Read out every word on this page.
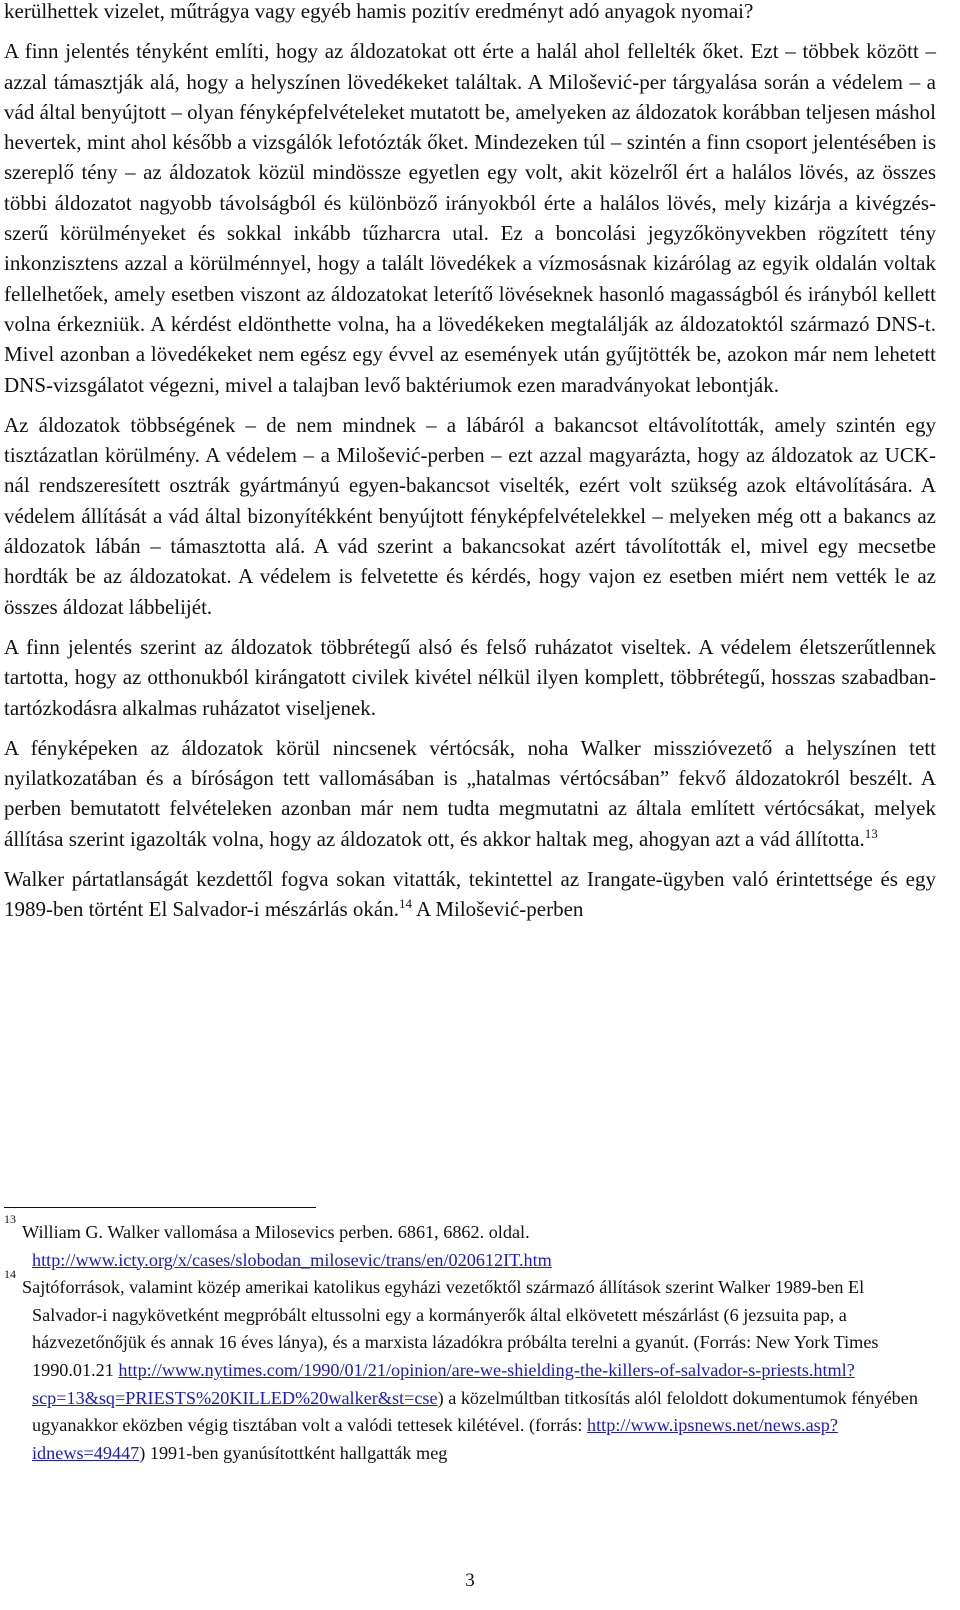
kerülhettek vizelet, műtrágya vagy egyéb hamis pozitív eredményt adó anyagok nyomai?

A finn jelentés tényként említi, hogy az áldozatokat ott érte a halál ahol fellelték őket. Ezt – többek között – azzal támasztják alá, hogy a helyszínen lövedékeket találtak. A Milošević-per tárgyalása során a védelem – a vád által benyújtott – olyan fényképfelvételeket mutatott be, amelyeken az áldozatok korábban teljesen máshol hevertek, mint ahol később a vizsgálók lefotózták őket. Mindezeken túl – szintén a finn csoport jelentésében is szereplő tény – az áldozatok közül mindössze egyetlen egy volt, akit közelről ért a halálos lövés, az összes többi áldozatot nagyobb távolságból és különböző irányokból érte a halálos lövés, mely kizárja a kivégzés-szerű körülményeket és sokkal inkább tűzharcra utal. Ez a boncolási jegyzőkönyvekben rögzített tény inkonzisztens azzal a körülménnyel, hogy a talált lövedékek a vízmosásnak kizárólag az egyik oldalán voltak fellelhetőek, amely esetben viszont az áldozatokat leterítő lövéseknek hasonló magasságból és irányból kellett volna érkezniük. A kérdést eldönthette volna, ha a lövedékeken megtalálják az áldozatoktól származó DNS-t. Mivel azonban a lövedékeket nem egész egy évvel az események után gyűjtötték be, azokon már nem lehetett DNS-vizsgálatot végezni, mivel a talajban levő baktériumok ezen maradványokat lebontják.

Az áldozatok többségének – de nem mindnek – a lábáról a bakancsot eltávolították, amely szintén egy tisztázatlan körülmény. A védelem – a Milošević-perben – ezt azzal magyarázta, hogy az áldozatok az UCK-nál rendszeresített osztrák gyártmányú egyen-bakancsot viselték, ezért volt szükség azok eltávolítására. A védelem állítását a vád által bizonyítékként benyújtott fényképfelvételekkel – melyeken még ott a bakancs az áldozatok lábán – támasztotta alá. A vád szerint a bakancsokat azért távolították el, mivel egy mecsetbe hordták be az áldozatokat. A védelem is felvetette és kérdés, hogy vajon ez esetben miért nem vették le az összes áldozat lábbelijét.

A finn jelentés szerint az áldozatok többrétegű alsó és felső ruházatot viseltek. A védelem életszerűtlennek tartotta, hogy az otthonukból kirángatott civilek kivétel nélkül ilyen komplett, többrétegű, hosszas szabadban-tartózkodásra alkalmas ruházatot viseljenek.

A fényképeken az áldozatok körül nincsenek vértócsák, noha Walker misszióvezető a helyszínen tett nyilatkozatában és a bíróságon tett vallomásában is „hatalmas vértócsában” fekvő áldozatokról beszélt. A perben bemutatott felvételeken azonban már nem tudta megmutatni az általa említett vértócsákat, melyek állítása szerint igazolták volna, hogy az áldozatok ott, és akkor haltak meg, ahogyan azt a vád állította.$^{13}$

Walker pártatlanságát kezdettől fogva sokan vitatták, tekintettel az Irangate-ügyben való érintettsége és egy 1989-ben történt El Salvador-i mészárlás okán.$^{14}$ A Milošević-perben

13
William G. Walker vallomása a Milosevics perben. 6861, 6862. oldal.
http://www.icty.org/x/cases/slobodan_milosevic/trans/en/020612IT.htm

14
Sajtóforrások, valamint közép amerikai katolikus egyházi vezetőktől származó állítások szerint Walker 1989-ben El Salvador-i nagykövetként megpróbált eltussolni egy a kormányerők által elkövetett mészárlást (6 jezsuita pap, a házvezetőnőjük és annak 16 éves lánya), és a marxista lázadókra próbálta terelni a gyanút. (Forrás: New York Times 1990.01.21 http://www.nytimes.com/1990/01/21/opinion/are-we-shielding-the-killers-of-salvador-s-priests.html?scp=13&sq=PRIESTS%20KILLED%20walker&st=cse) a közelmúltban titkosítás alól feloldott dokumentumok fényében ugyanakkor eközben végig tisztában volt a valódi tettesek kilétével. (forrás: http://www.ipsnews.net/news.asp?idnews=49447) 1991-ben gyanúsítottként hallgatták meg

3
